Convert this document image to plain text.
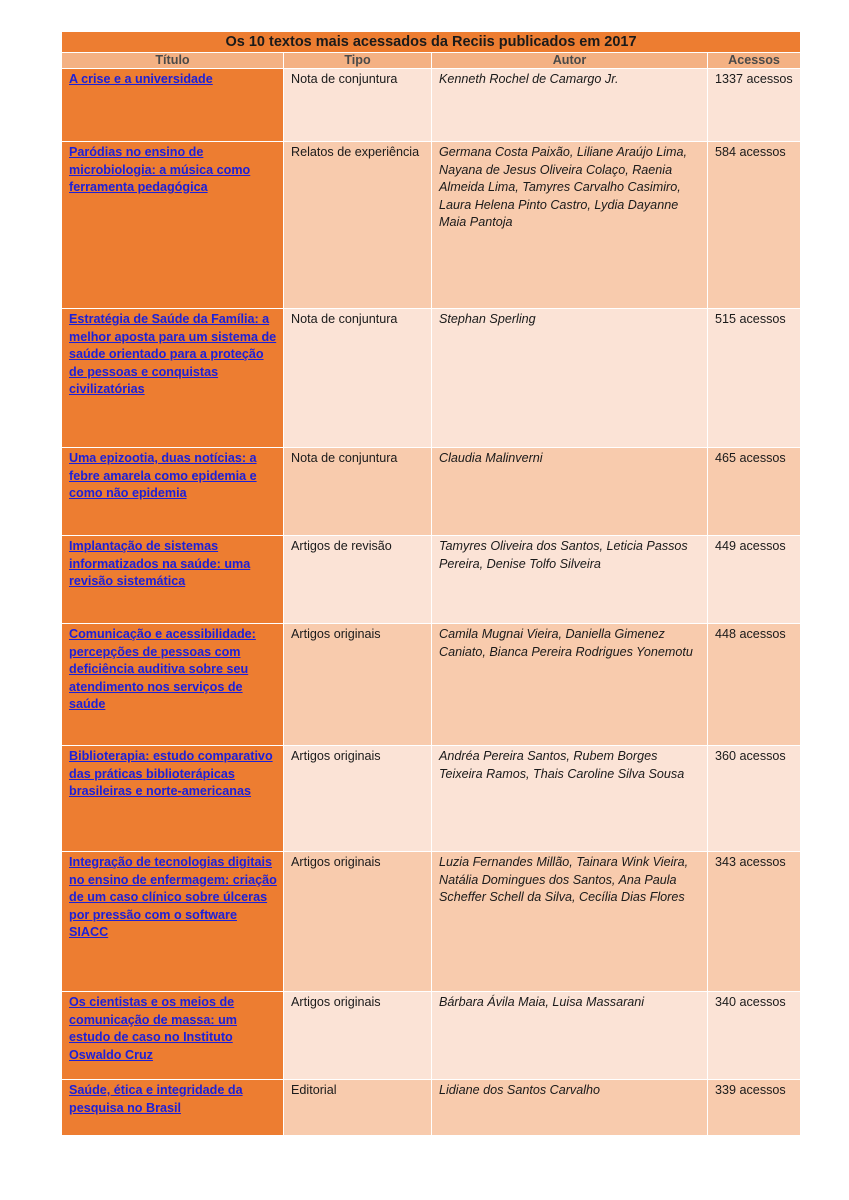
Os 10 textos mais acessados da Reciis publicados em 2017			
Título	Tipo	Autor	Acessos
A crise e a universidade	Nota de conjuntura	Kenneth Rochel de Camargo Jr.	1337 acessos
Paródias no ensino de microbiologia: a música como ferramenta pedagógica	Relatos de experiência	Germana Costa Paixão, Liliane Araújo Lima, Nayana de Jesus Oliveira Colaço, Raenia Almeida Lima, Tamyres Carvalho Casimiro, Laura Helena Pinto Castro, Lydia Dayanne Maia Pantoja	584 acessos
Estratégia de Saúde da Família: a melhor aposta para um sistema de saúde orientado para a proteção de pessoas e conquistas civilizatórias	Nota de conjuntura	Stephan Sperling	515 acessos
Uma epizootia, duas notícias: a febre amarela como epidemia e como não epidemia	Nota de conjuntura	Claudia Malinverni	465 acessos
Implantação de sistemas informatizados na saúde: uma revisão sistemática	Artigos de revisão	Tamyres Oliveira dos Santos, Leticia Passos Pereira, Denise Tolfo Silveira	449 acessos
Comunicação e acessibilidade: percepções de pessoas com deficiência auditiva sobre seu atendimento nos serviços de saúde	Artigos originais	Camila Mugnai Vieira, Daniella Gimenez Caniato, Bianca Pereira Rodrigues Yonemotu	448 acessos
Biblioterapia: estudo comparativo das práticas biblioterápicas brasileiras e norte-americanas	Artigos originais	Andréa Pereira Santos, Rubem Borges Teixeira Ramos, Thais Caroline Silva Sousa	360 acessos
Integração de tecnologias digitais no ensino de enfermagem: criação de um caso clínico sobre úlceras por pressão com o software SIACC	Artigos originais	Luzia Fernandes Millão, Tainara Wink Vieira, Natália Domingues dos Santos, Ana Paula Scheffer Schell da Silva, Cecília Dias Flores	343 acessos
Os cientistas e os meios de comunicação de massa: um estudo de caso no Instituto Oswaldo Cruz	Artigos originais	Bárbara Ávila Maia, Luisa Massarani	340 acessos
Saúde, ética e integridade da pesquisa no Brasil	Editorial	Lidiane dos Santos Carvalho	339 acessos
